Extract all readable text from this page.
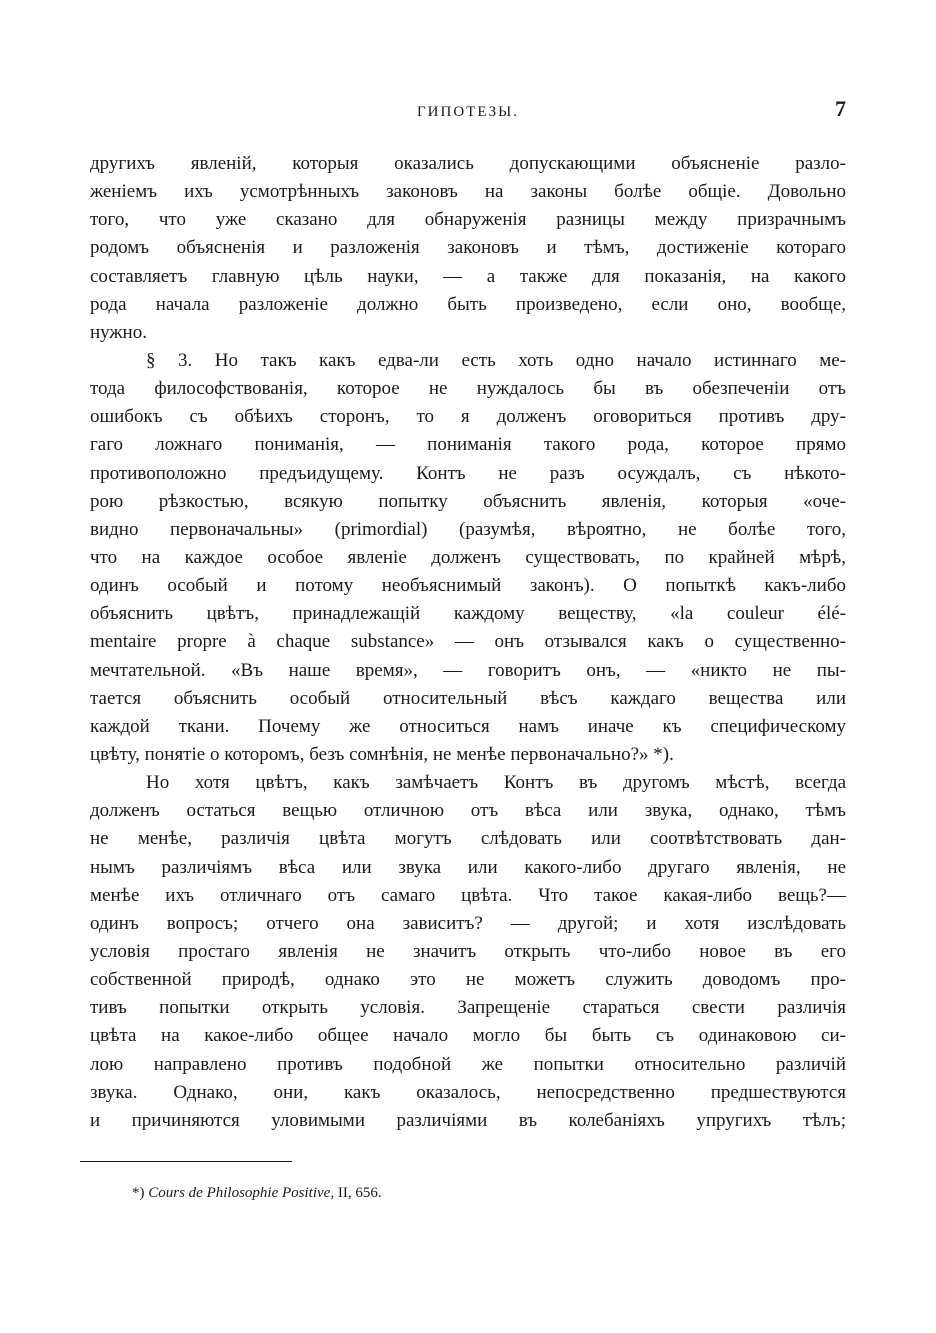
ГИПОТЕЗЫ.	7
другихъ явленій, которыя оказались допускающими объясненіе разло-
женіемъ ихъ усмотрѣнныхъ законовъ на законы болѣе общіе. Довольно
того, что уже сказано для обнаруженія разницы между призрачнымъ
родомъ объясненія и разложенія законовъ и тѣмъ, достиженіе котораго
составляетъ главную цѣль науки, — а также для показанія, на какого
рода начала разложеніе должно быть произведено, если оно, вообще,
нужно.
§ 3. Но такъ какъ едва-ли есть хоть одно начало истиннаго ме-
тода философствованія, которое не нуждалось бы въ обезпеченіи отъ
ошибокъ съ обѣихъ сторонъ, то я долженъ оговориться противъ дру-
гаго ложнаго пониманія, — пониманія такого рода, которое прямо
противоположно предъидущему. Контъ не разъ осуждалъ, съ нѣкото-
рою рѣзкостью, всякую попытку объяснить явленія, которыя «оче-
видно первоначальны» (primordial) (разумѣя, вѣроятно, не болѣе того,
что на каждое особое явленіе долженъ существовать, по крайней мѣрѣ,
одинъ особый и потому необъяснимый законъ). О попыткѣ какъ-либо
объяснить цвѣтъ, принадлежащій каждому веществу, «la couleur élé-
mentaire propre à chaque substance» — онъ отзывался какъ о существенно-
мечтательной. «Въ наше время», — говоритъ онъ, — «никто не пы-
тается объяснить особый относительный вѣсъ каждаго вещества или
каждой ткани. Почему же относиться намъ иначе къ специфическому
цвѣту, понятіе о которомъ, безъ сомнѣнія, не менѣе первоначально?» *).
Но хотя цвѣтъ, какъ замѣчаетъ Контъ въ другомъ мѣстѣ, всегда
долженъ остаться вещью отличною отъ вѣса или звука, однако, тѣмъ
не менѣе, различія цвѣта могутъ слѣдовать или соотвѣтствовать дан-
нымъ различіямъ вѣса или звука или какого-либо другаго явленія, не
менѣе ихъ отличнаго отъ самаго цвѣта. Что такое какая-либо вещь?—
одинъ вопросъ; отчего она зависитъ? — другой; и хотя изслѣдовать
условія простаго явленія не значитъ открыть что-либо новое въ его
собственной природѣ, однако это не можетъ служить доводомъ про-
тивъ попытки открыть условія. Запрещеніе стараться свести различія
цвѣта на какое-либо общее начало могло бы быть съ одинаковою си-
лою направлено противъ подобной же попытки относительно различій
звука. Однако, они, какъ оказалось, непосредственно предшествуются
и причиняются уловимыми различіями въ колебаніяхъ упругихъ тѣлъ;
*) Cours de Philosophie Positive, II, 656.
